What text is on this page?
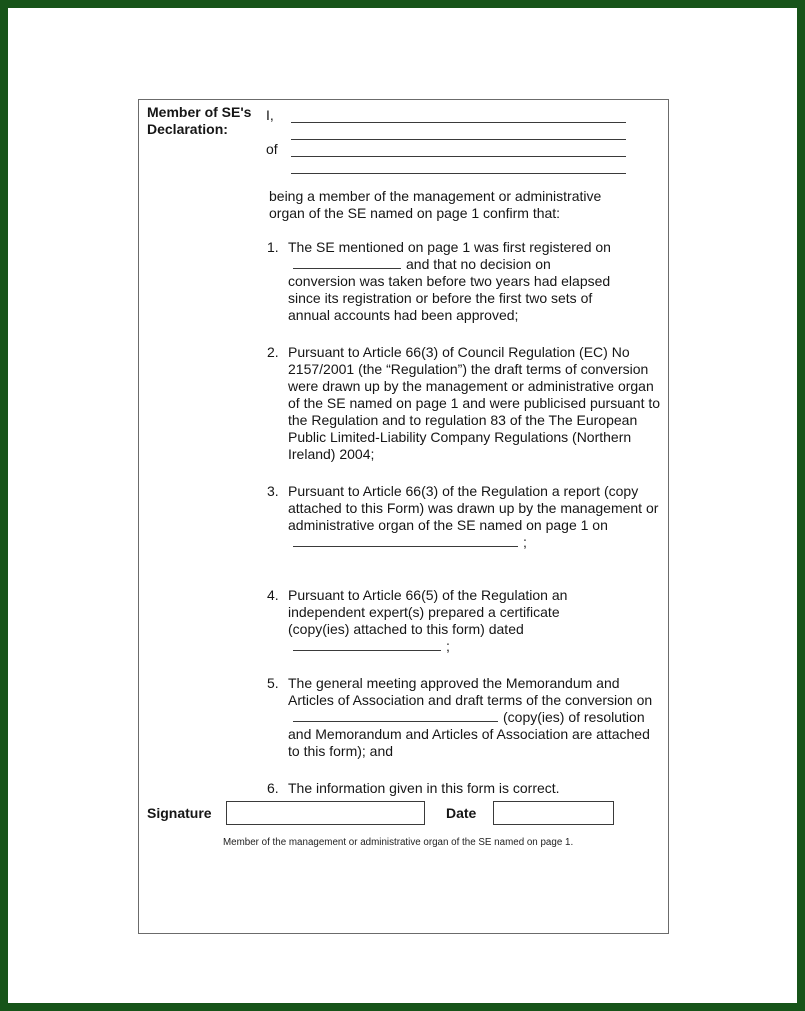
Member of SE's
Declaration:
I,
of

being a member of the management or administrative organ of the SE named on page 1 confirm that:

1. The SE mentioned on page 1 was first registered onand that no decision on conversion was taken before two years had elapsed since its registration or before the first two sets of annual accounts had been approved;
2. Pursuant to Article 66(3) of Council Regulation (EC) No 2157/2001 (the “Regulation”) the draft terms of conversion were drawn up by the management or administrative organ of the SE named on page 1 and were publicised pursuant to the Regulation and to regulation 83 of the The European Public Limited-Liability Company Regulations (Northern Ireland) 2004;
3. Pursuant to Article 66(3) of the Regulation a report (copy attached to this Form) was drawn up by the management or administrative organ of the SE named on page 1 on;
4. Pursuant to Article 66(5) of the Regulation an independent expert(s) prepared a certificate (copy(ies) attached to this form) dated;
5. The general meeting approved the Memorandum and Articles of Association and draft terms of the conversion on(copy(ies) of resolution and Memorandum and Articles of Association are attached to this form); and
6. The information given in this form is correct.
Signature	Date
Member of the management or administrative organ of the SE named on page 1.
